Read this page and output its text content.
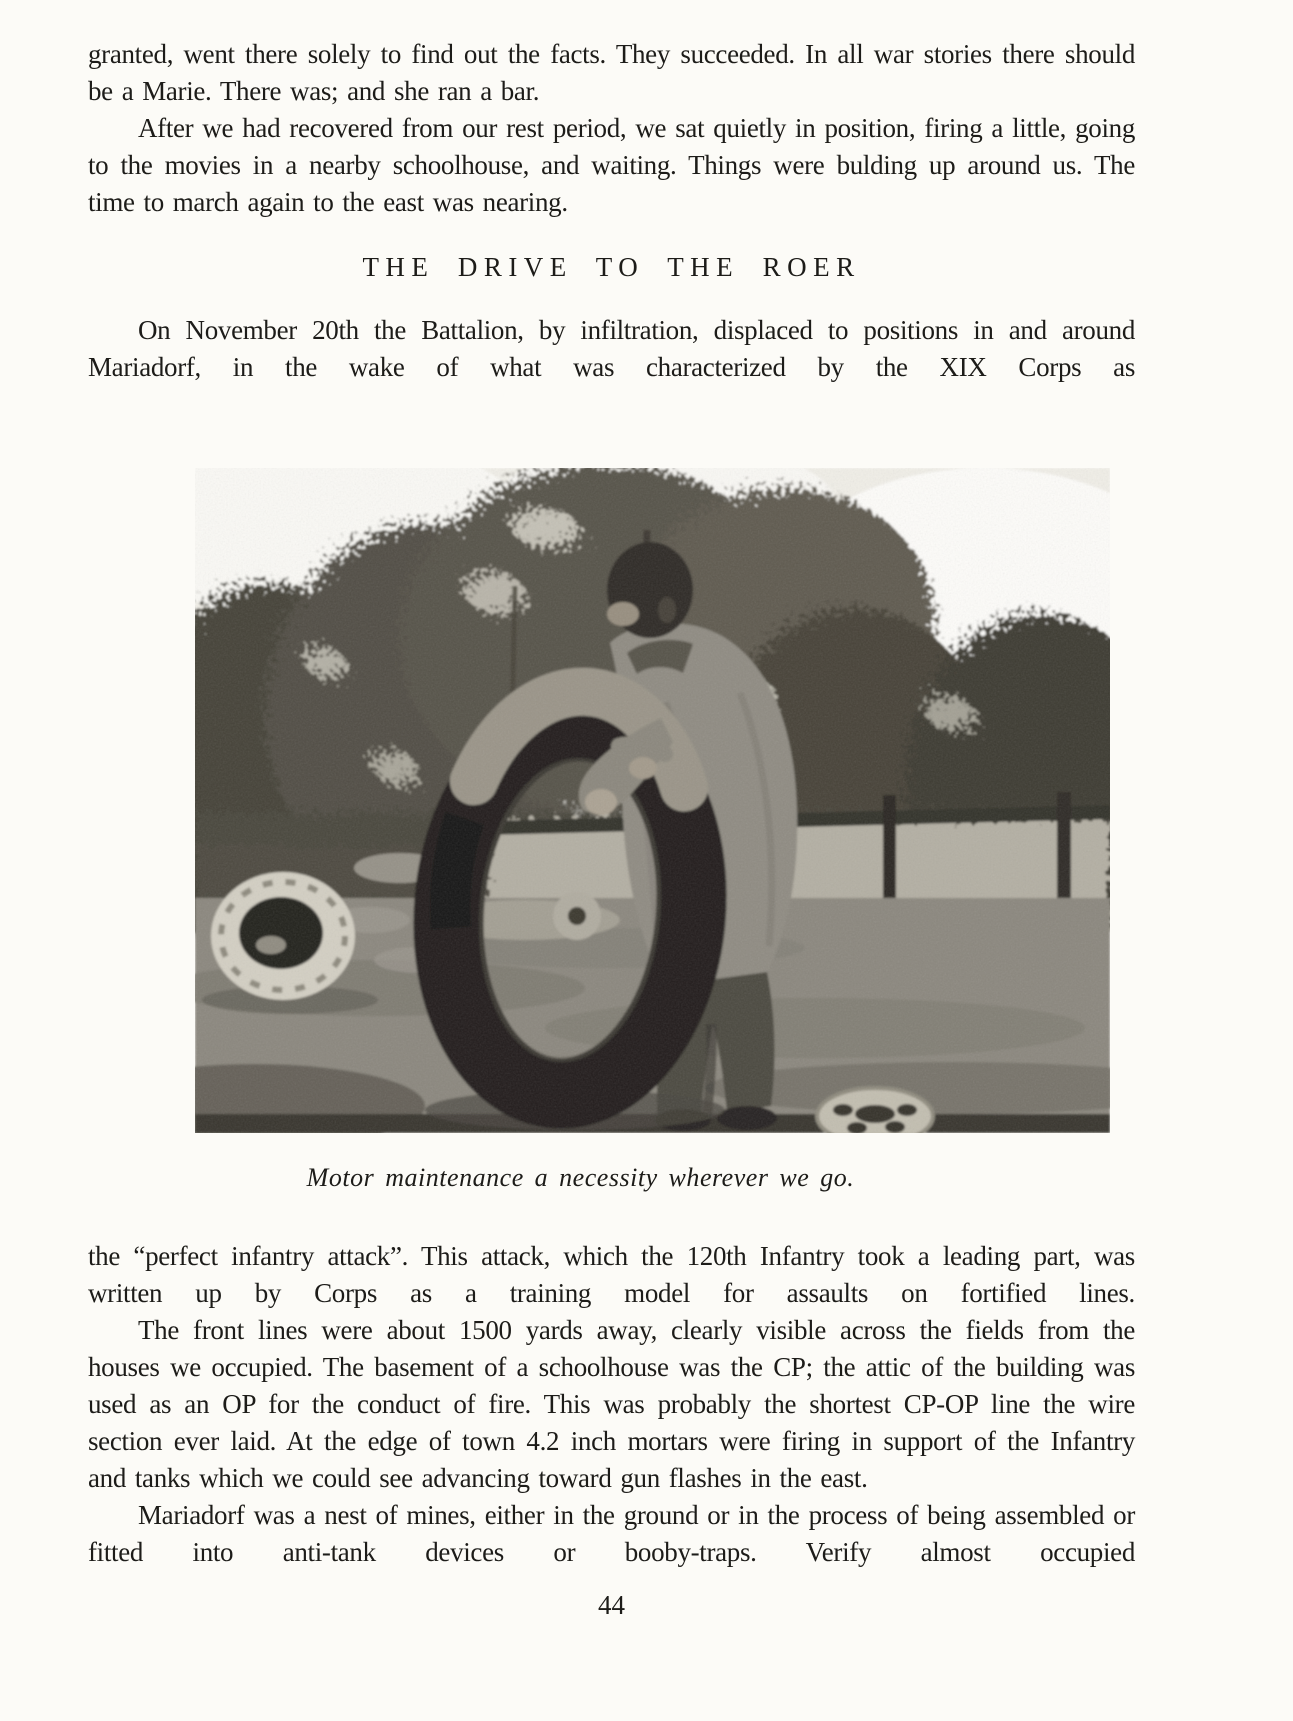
granted, went there solely to find out the facts. They succeeded. In all war stories there should be a Marie. There was; and she ran a bar.

After we had recovered from our rest period, we sat quietly in position, firing a little, going to the movies in a nearby schoolhouse, and waiting. Things were bulding up around us. The time to march again to the east was nearing.

THE DRIVE TO THE ROER

On November 20th the Battalion, by infiltration, displaced to positions in and around Mariadorf, in the wake of what was characterized by the XIX Corps as

Motor maintenance a necessity wherever we go.

the “perfect infantry attack”. This attack, which the 120th Infantry took a leading part, was written up by Corps as a training model for assaults on fortified lines.

The front lines were about 1500 yards away, clearly visible across the fields from the houses we occupied. The basement of a schoolhouse was the CP; the attic of the building was used as an OP for the conduct of fire. This was probably the shortest CP-OP line the wire section ever laid. At the edge of town 4.2 inch mortars were firing in support of the Infantry and tanks which we could see advancing toward gun flashes in the east.

Mariadorf was a nest of mines, either in the ground or in the process of being assembled or fitted into anti-tank devices or booby-traps. Verify almost occupied

44
